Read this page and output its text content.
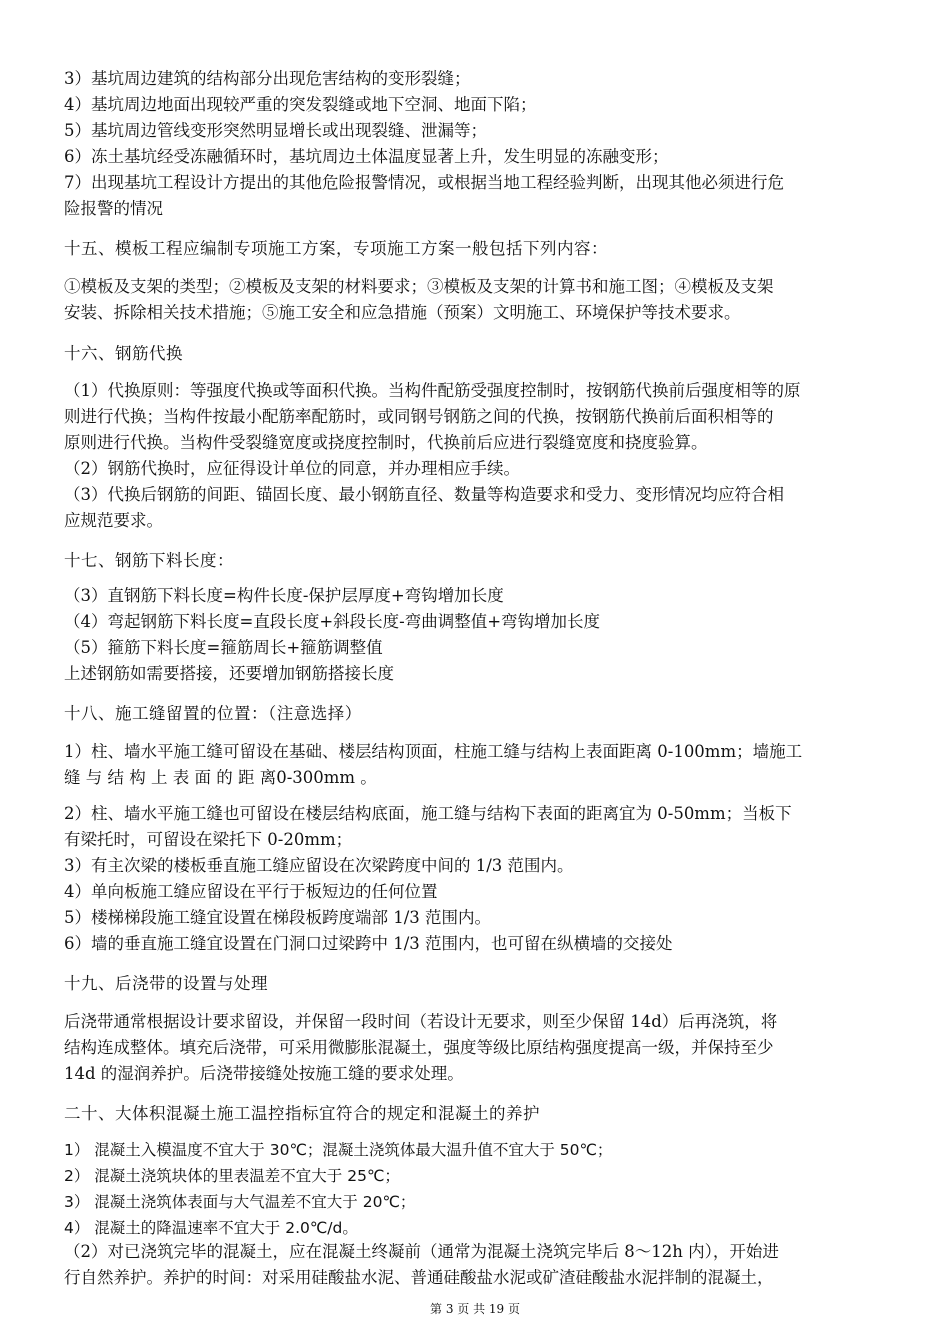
3）基坑周边建筑的结构部分出现危害结构的变形裂缝；
4）基坑周边地面出现较严重的突发裂缝或地下空洞、地面下陷；
5）基坑周边管线变形突然明显增长或出现裂缝、泄漏等；
6）冻土基坑经受冻融循环时，基坑周边土体温度显著上升，发生明显的冻融变形；
7）出现基坑工程设计方提出的其他危险报警情况，或根据当地工程经验判断，出现其他必须进行危
险报警的情况
十五、模板工程应编制专项施工方案，专项施工方案一般包括下列内容：
①模板及支架的类型；②模板及支架的材料要求；③模板及支架的计算书和施工图；④模板及支架
安装、拆除相关技术措施；⑤施工安全和应急措施（预案）文明施工、环境保护等技术要求。
十六、钢筋代换
（1）代换原则：等强度代换或等面积代换。当构件配筋受强度控制时，按钢筋代换前后强度相等的原
则进行代换；当构件按最小配筋率配筋时，或同钢号钢筋之间的代换，按钢筋代换前后面积相等的
原则进行代换。当构件受裂缝宽度或挠度控制时，代换前后应进行裂缝宽度和挠度验算。
（2）钢筋代换时，应征得设计单位的同意，并办理相应手续。
（3）代换后钢筋的间距、锚固长度、最小钢筋直径、数量等构造要求和受力、变形情况均应符合相
应规范要求。
十七、钢筋下料长度：
（3）直钢筋下料长度=构件长度-保护层厚度+弯钩增加长度
（4）弯起钢筋下料长度=直段长度+斜段长度-弯曲调整值+弯钩增加长度
（5）箍筋下料长度=箍筋周长+箍筋调整值
上述钢筋如需要搭接，还要增加钢筋搭接长度
十八、施工缝留置的位置：（注意选择）
1）柱、墙水平施工缝可留设在基础、楼层结构顶面，柱施工缝与结构上表面距离 0-100mm；墙施工
缝 与 结 构 上 表 面 的 距 离0-300mm 。
2）柱、墙水平施工缝也可留设在楼层结构底面，施工缝与结构下表面的距离宜为 0-50mm；当板下
有梁托时，可留设在梁托下 0-20mm；
3）有主次梁的楼板垂直施工缝应留设在次梁跨度中间的 1/3 范围内。
4）单向板施工缝应留设在平行于板短边的任何位置
5）楼梯梯段施工缝宜设置在梯段板跨度端部 1/3 范围内。
6）墙的垂直施工缝宜设置在门洞口过梁跨中 1/3 范围内，也可留在纵横墙的交接处
十九、后浇带的设置与处理
后浇带通常根据设计要求留设，并保留一段时间（若设计无要求，则至少保留 14d）后再浇筑，将
结构连成整体。填充后浇带，可采用微膨胀混凝土，强度等级比原结构强度提高一级，并保持至少
14d 的湿润养护。后浇带接缝处按施工缝的要求处理。
二十、大体积混凝土施工温控指标宜符合的规定和混凝土的养护
1） 混凝土入模温度不宜大于 30℃；混凝土浇筑体最大温升值不宜大于 50℃；
2） 混凝土浇筑块体的里表温差不宜大于 25℃；
3） 混凝土浇筑体表面与大气温差不宜大于 20℃；
4） 混凝土的降温速率不宜大于 2.0℃/d。
（2）对已浇筑完毕的混凝土，应在混凝土终凝前（通常为混凝土浇筑完毕后 8～12h 内），开始进
行自然养护。养护的时间：对采用硅酸盐水泥、普通硅酸盐水泥或矿渣硅酸盐水泥拌制的混凝土，
第 3 页 共 19 页
